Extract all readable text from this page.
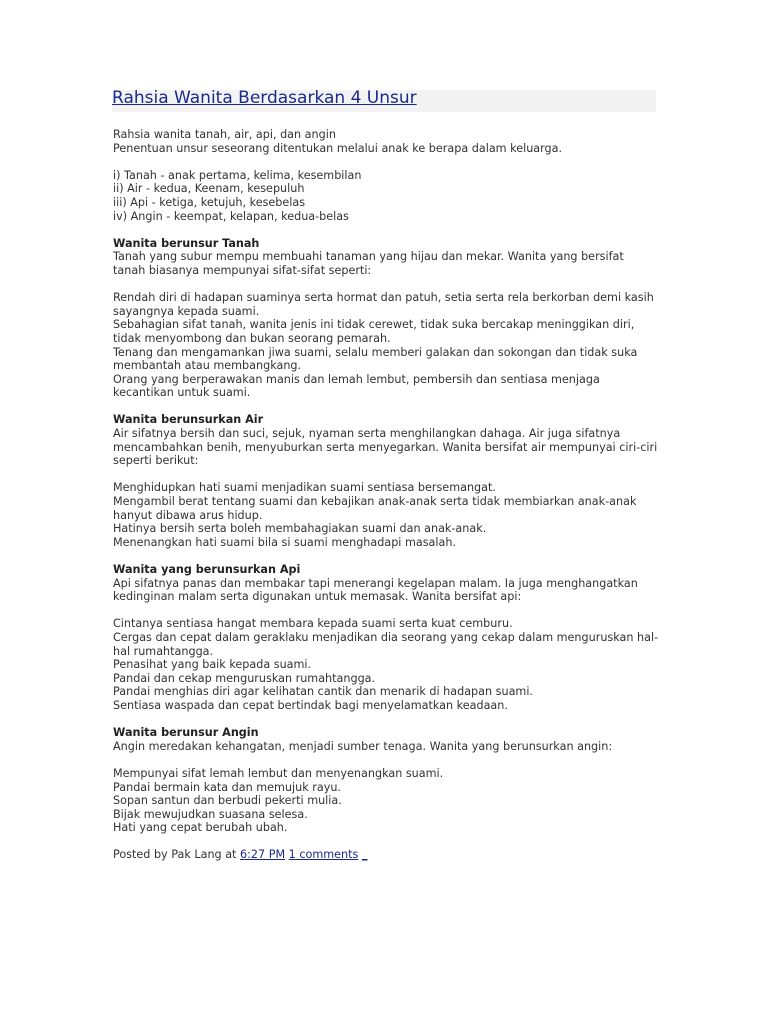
Rahsia Wanita Berdasarkan 4 Unsur
Rahsia wanita tanah, air, api, dan angin
Penentuan unsur seseorang ditentukan melalui anak ke berapa dalam keluarga.
i) Tanah - anak pertama, kelima, kesembilan
ii) Air - kedua, Keenam, kesepuluh
iii) Api - ketiga, ketujuh, kesebelas
iv) Angin - keempat, kelapan, kedua-belas
Wanita berunsur Tanah
Tanah yang subur mempu membuahi tanaman yang hijau dan mekar. Wanita yang bersifat
tanah biasanya mempunyai sifat-sifat seperti:
Rendah diri di hadapan suaminya serta hormat dan patuh, setia serta rela berkorban demi kasih
sayangnya kepada suami.
Sebahagian sifat tanah, wanita jenis ini tidak cerewet, tidak suka bercakap meninggikan diri,
tidak menyombong dan bukan seorang pemarah.
Tenang dan mengamankan jiwa suami, selalu memberi galakan dan sokongan dan tidak suka
membantah atau membangkang.
Orang yang berperawakan manis dan lemah lembut, pembersih dan sentiasa menjaga
kecantikan untuk suami.
Wanita berunsurkan Air
Air sifatnya bersih dan suci, sejuk, nyaman serta menghilangkan dahaga. Air juga sifatnya
mencambahkan benih, menyuburkan serta menyegarkan. Wanita bersifat air mempunyai ciri-ciri
seperti berikut:
Menghidupkan hati suami menjadikan suami sentiasa bersemangat.
Mengambil berat tentang suami dan kebajikan anak-anak serta tidak membiarkan anak-anak
hanyut dibawa arus hidup.
Hatinya bersih serta boleh membahagiakan suami dan anak-anak.
Menenangkan hati suami bila si suami menghadapi masalah.
Wanita yang berunsurkan Api
Api sifatnya panas dan membakar tapi menerangi kegelapan malam. Ia juga menghangatkan
kedinginan malam serta digunakan untuk memasak. Wanita bersifat api:
Cintanya sentiasa hangat membara kepada suami serta kuat cemburu.
Cergas dan cepat dalam geraklaku menjadikan dia seorang yang cekap dalam menguruskan hal-
hal rumahtangga.
Penasihat yang baik kepada suami.
Pandai dan cekap menguruskan rumahtangga.
Pandai menghias diri agar kelihatan cantik dan menarik di hadapan suami.
Sentiasa waspada dan cepat bertindak bagi menyelamatkan keadaan.
Wanita berunsur Angin
Angin meredakan kehangatan, menjadi sumber tenaga. Wanita yang berunsurkan angin:
Mempunyai sifat lemah lembut dan menyenangkan suami.
Pandai bermain kata dan memujuk rayu.
Sopan santun dan berbudi pekerti mulia.
Bijak mewujudkan suasana selesa.
Hati yang cepat berubah ubah.
Posted by Pak Lang at 6:27 PM 1 comments _
